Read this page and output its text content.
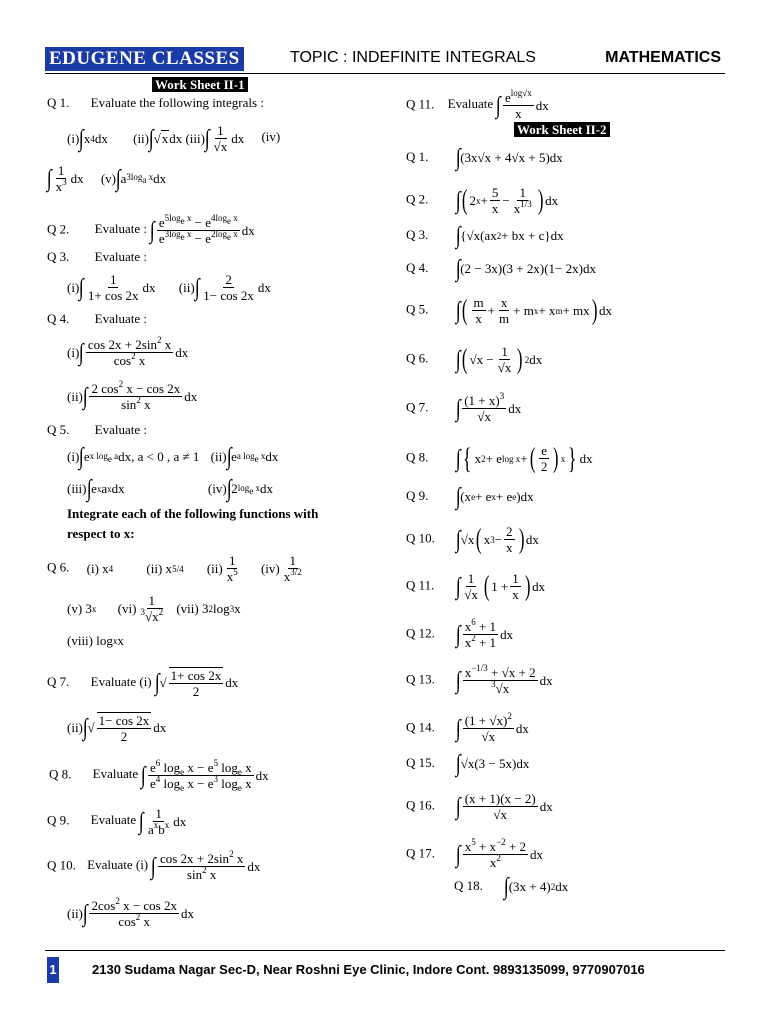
EDUGENE CLASSES	TOPIC : INDEFINITE INTEGRALS	MATHEMATICS
Work Sheet II-1
Q 1. Evaluate the following integrals :
(i) ∫ x 4 dx (ii) ∫ √x dx (iii) ∫ $\frac{1}{√x}$ dx (iv)
∫ $\frac{1}{x^3}$ dx (v) ∫ a $3\log_a$ x dx
Q 2. Evaluate : ∫ $\frac{e^{5log_e x} - e^{4log_e x}}{e^{3log_e x} - e^{2log_e x}}$ dx
Q 3. Evaluate :
(i) ∫ $\frac{1}{1+ \cos 2x}$ dx (ii) ∫ $\frac{2}{1- \cos 2x}$ dx
Q 4. Evaluate :
(i) ∫ $\frac{\cos 2x + 2\sin^2 x}{\cos^2 x}$ dx
(ii) ∫ $\frac{2 \cos^2 x - \cos 2x}{\sin^2 x}$ dx
Q 5. Evaluate :
(i) ∫ e x $\log_e a$ dx, a < 0 , a ≠ 1 (ii) ∫ e a $\log_e x$ dx
(iii) ∫ e x a x dx	(iv) ∫ 2 $\log_e x$ dx
Integrate each of the following functions with
respect to x:
Q 6. (i) x 4	(ii) x 5/4 $(ii) \frac{1}{x^5} (iv) \frac{1}{x^{3/2}}$
(v) 3 x $(vi) \frac{1}{^3√x^2} (vii)$ 3 2 log 3 x
(viii) log x x
Q 7. Evaluate (i) ∫ √ $\frac{1+ \cos 2x}{2}$ dx
(ii) ∫ √ $\frac{1- \cos 2x}{2}$ dx
Q 8. Evaluate ∫ $\frac{e^6 \log_e x - e^5 \log_e x}{e^4 \log_e x - e^3 \log_e x}$ dx
Q 9. Evaluate ∫ $\frac{1}{a^xb^x}$ dx
Q 10. Evaluate (i) ∫ $\frac{\cos 2x + 2\sin^2 x}{\sin^2 x}$ dx
(ii) ∫ $\frac{2\cos^2 x - \cos 2x}{\cos^2 x}$ dx
Q 11. Evaluate ∫ $\frac{e^{log√x}}{x}$ dx
Work Sheet II-2
Q 1. ∫ (3x√x + 4√x + 5)dx
Q 2. ∫ ( 2 $x + \frac{5}{x} - \frac{1}{x^{1/3}}$ ) dx
Q 3. ∫ {√x(ax 2 + bx + c}dx
Q 4. ∫ (2 − 3x)(3 + 2x)(1− 2x)dx
Q 5. ∫ ( $\frac{m}{x} + \frac{x}{m} + m$ x + x m + mx ) dx
Q 6. ∫ ( $√x - \frac{1}{√x}$ ) 2 dx
Q 7. ∫ $\frac{(1 + x)^3}{√x}$ dx
Q 8. ∫ { x 2 + e log x + ( $\frac{e}{2}$ ) x } dx
Q 9. ∫ (x e + e x + e e )dx
Q 10. ∫ √x ( x $3 - \frac{2}{x}$ ) dx
Q 11. ∫ $\frac{1}{√x}$ ( $1 + \frac{1}{x}$ ) dx
Q 12. ∫ $\frac{x^6 + 1}{x^2 + 1}$ dx
Q 13. ∫ $\frac{x^{-1/3} + √x + 2}{^3√x}$ dx
Q 14. ∫ $\frac{(1 + √x)^2}{√x}$ dx
Q 15. ∫ √x(3 − 5x)dx
Q 16. ∫ $\frac{(x + 1)(x - 2)}{√x}$ dx
Q 17. ∫ $\frac{x^5 + x^{-2} + 2}{x^2}$ dx
Q 18. ∫ (3x + 4) 2 dx
1	2130 Sudama Nagar Sec-D, Near Roshni Eye Clinic, Indore Cont. 9893135099, 9770907016
